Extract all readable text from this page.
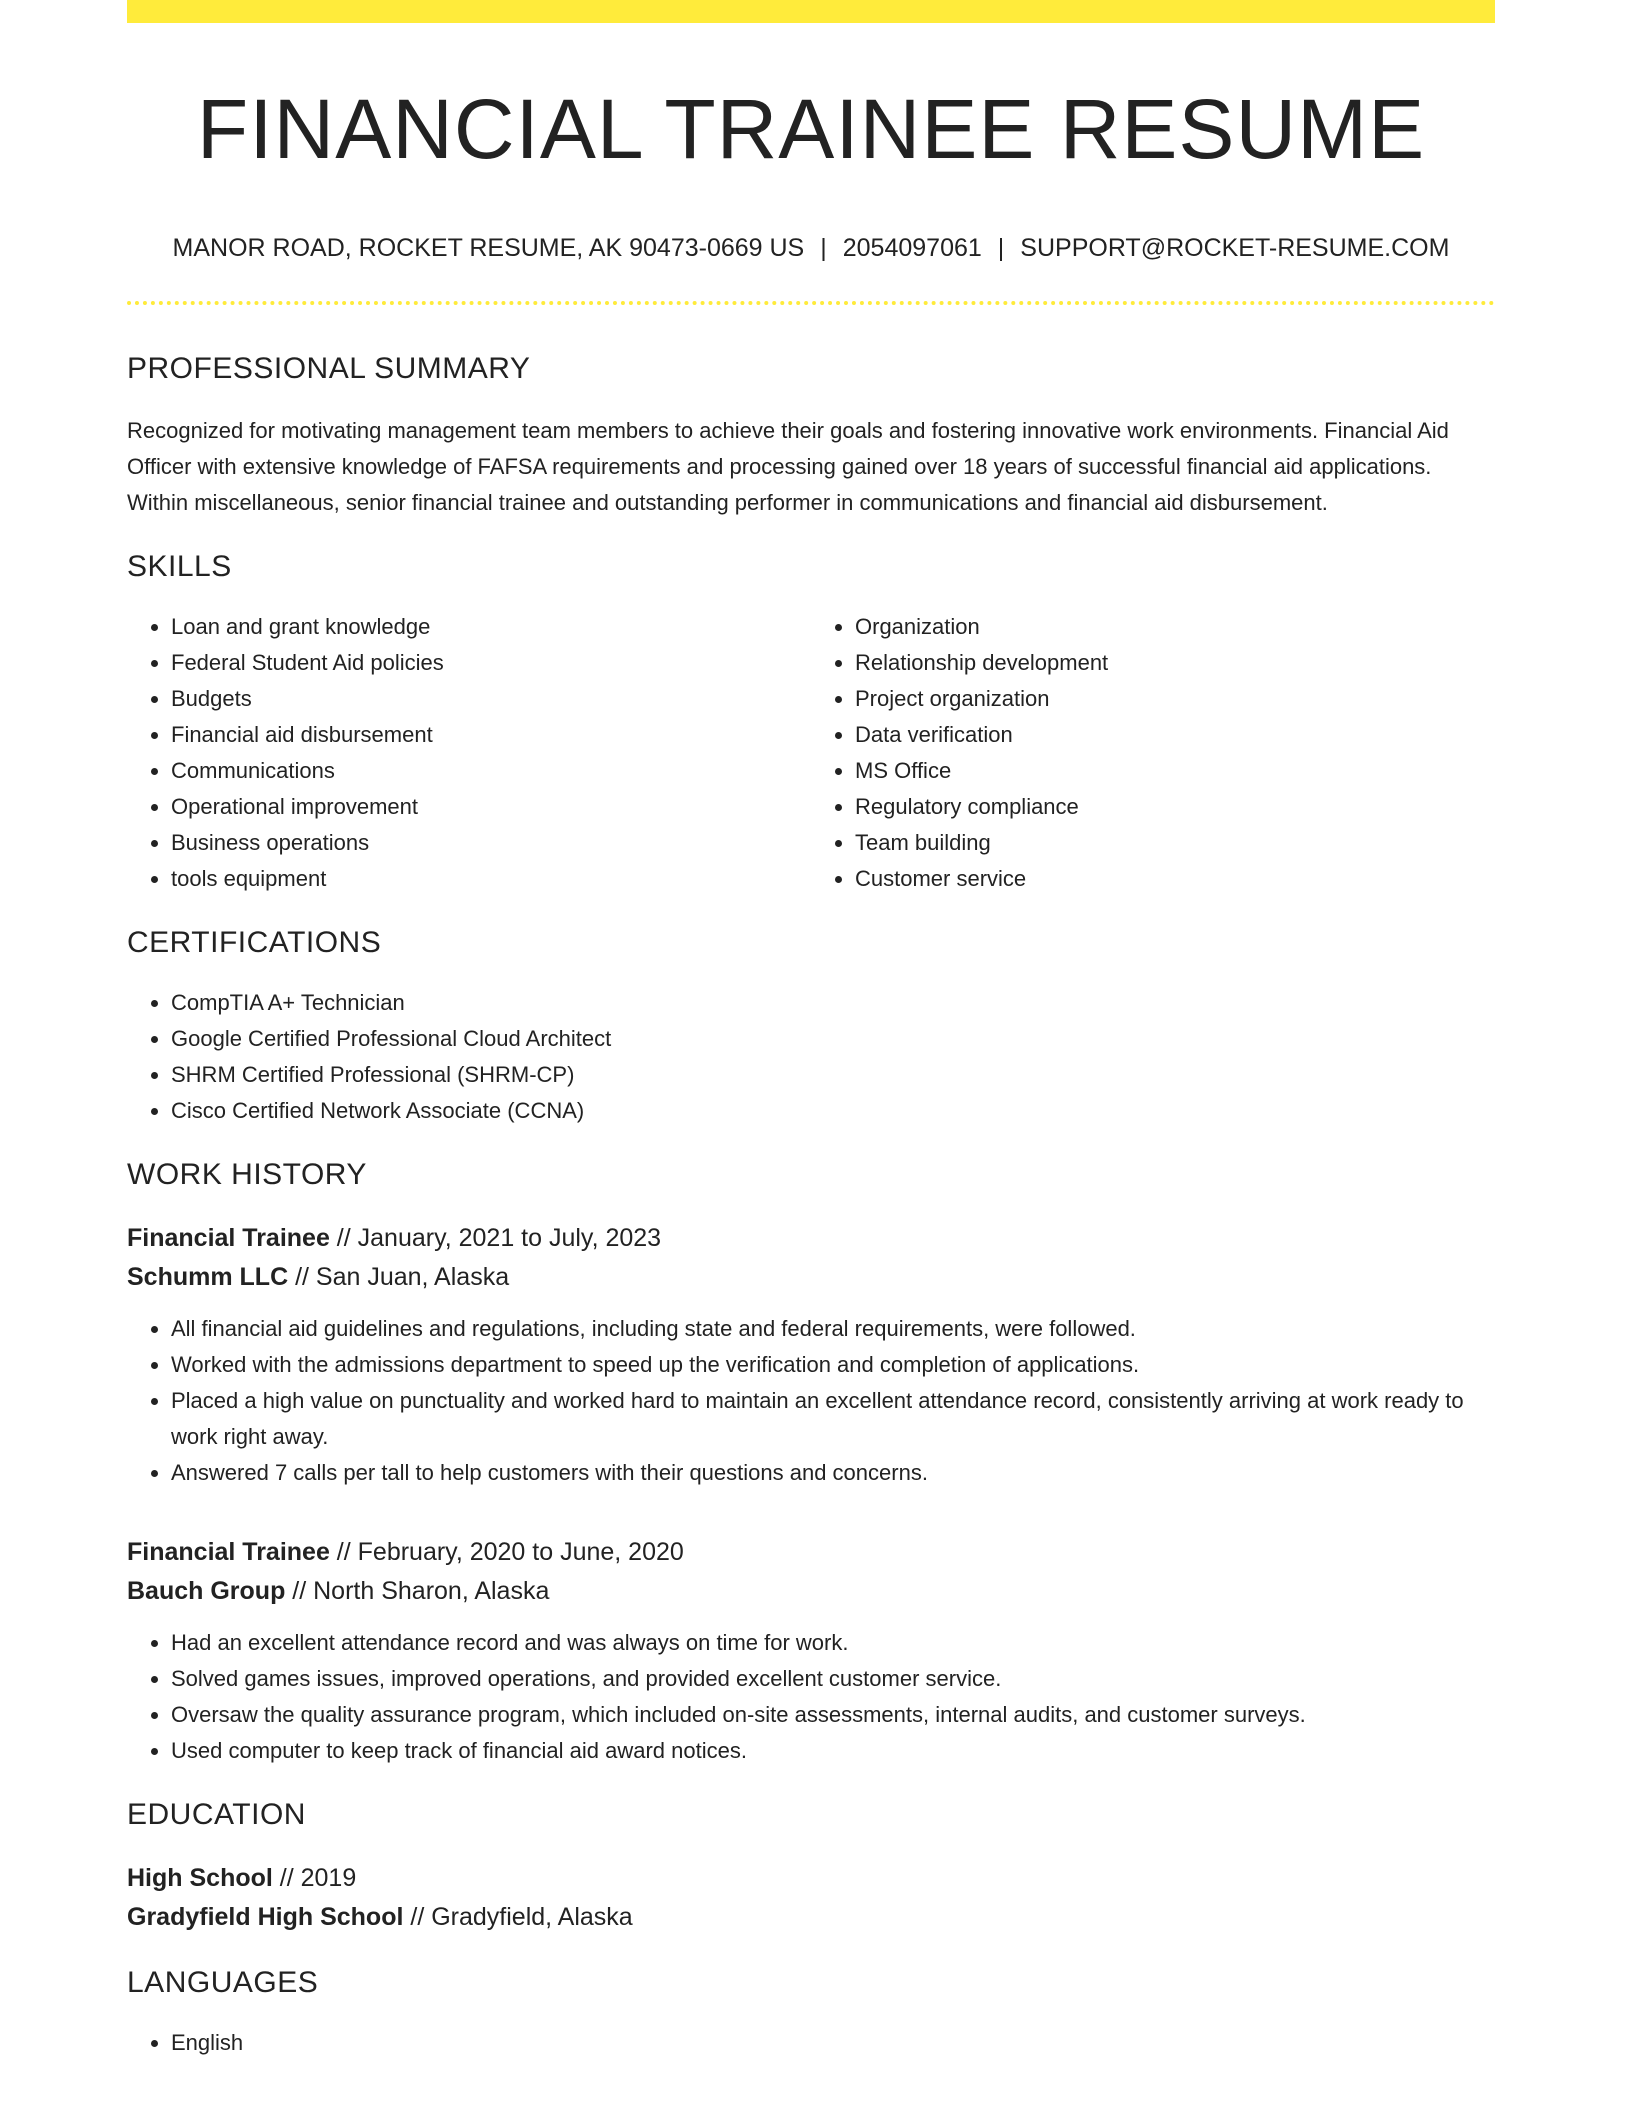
FINANCIAL TRAINEE RESUME
MANOR ROAD, ROCKET RESUME, AK 90473-0669 US | 2054097061 | SUPPORT@ROCKET-RESUME.COM
PROFESSIONAL SUMMARY

Recognized for motivating management team members to achieve their goals and fostering innovative work environments. Financial Aid Officer with extensive knowledge of FAFSA requirements and processing gained over 18 years of successful financial aid applications. Within miscellaneous, senior financial trainee and outstanding performer in communications and financial aid disbursement.

SKILLS
• Loan and grant knowledge
• Federal Student Aid policies
• Budgets
• Financial aid disbursement
• Communications
• Operational improvement
• Business operations
• tools equipment
• Organization
• Relationship development
• Project organization
• Data verification
• MS Office
• Regulatory compliance
• Team building
• Customer service
CERTIFICATIONS
• CompTIA A+ Technician
• Google Certified Professional Cloud Architect
• SHRM Certified Professional (SHRM-CP)
• Cisco Certified Network Associate (CCNA)
WORK HISTORY
Financial Trainee // January, 2021 to July, 2023
Schumm LLC // San Juan, Alaska
• All financial aid guidelines and regulations, including state and federal requirements, were followed.
• Worked with the admissions department to speed up the verification and completion of applications.
• Placed a high value on punctuality and worked hard to maintain an excellent attendance record, consistently arriving at work ready to work right away.
• Answered 7 calls per tall to help customers with their questions and concerns.
Financial Trainee // February, 2020 to June, 2020
Bauch Group // North Sharon, Alaska
• Had an excellent attendance record and was always on time for work.
• Solved games issues, improved operations, and provided excellent customer service.
• Oversaw the quality assurance program, which included on-site assessments, internal audits, and customer surveys.
• Used computer to keep track of financial aid award notices.
EDUCATION
High School // 2019
Gradyfield High School // Gradyfield, Alaska
LANGUAGES
• English
